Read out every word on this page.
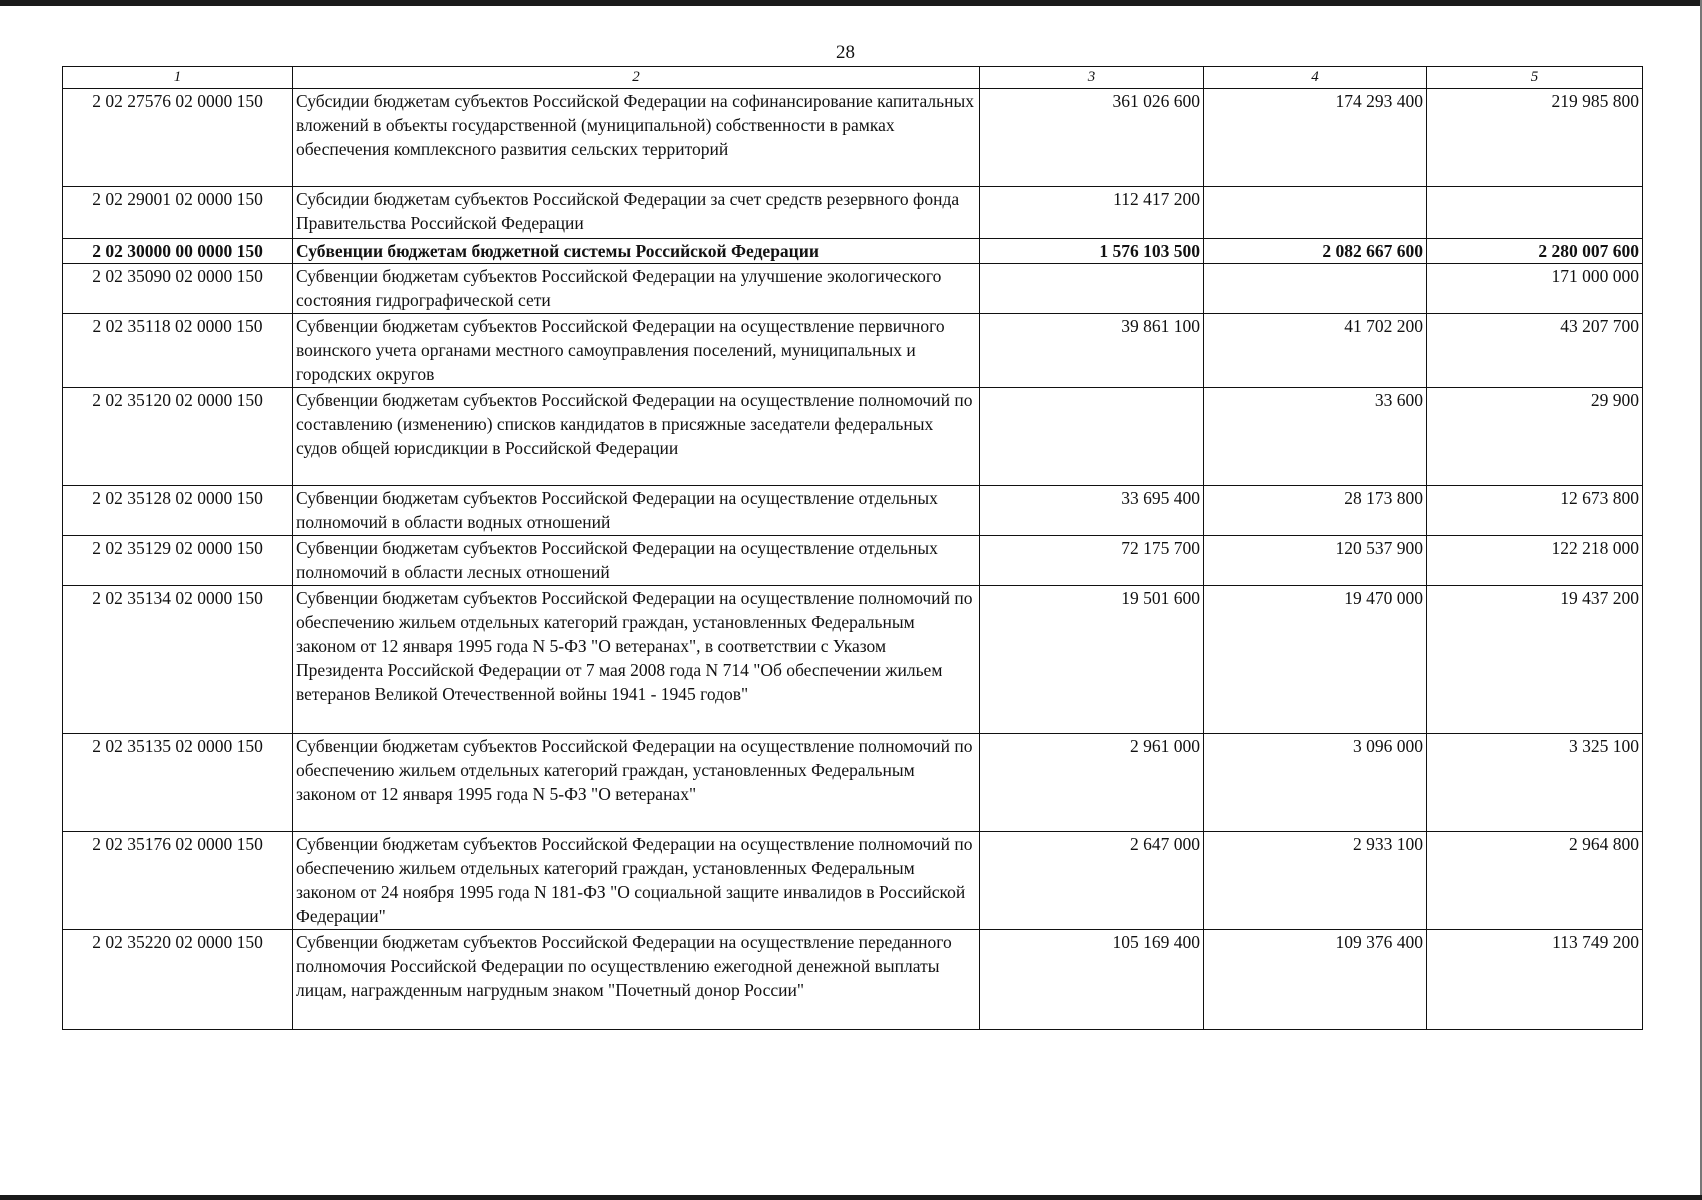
28
1	2	3	4	5
2 02 27576 02 0000 150	Субсидии бюджетам субъектов Российской Федерации на софинансирование капитальных вложений в объекты государственной (муниципальной) собственности в рамках обеспечения комплексного развития сельских территорий	361 026 600	174 293 400	219 985 800
2 02 29001 02 0000 150	Субсидии бюджетам субъектов Российской Федерации за счет средств резервного фонда Правительства Российской Федерации	112 417 200		
2 02 30000 00 0000 150	Субвенции бюджетам бюджетной системы Российской Федерации	1 576 103 500	2 082 667 600	2 280 007 600
2 02 35090 02 0000 150	Субвенции бюджетам субъектов Российской Федерации на улучшение экологического состояния гидрографической сети			171 000 000
2 02 35118 02 0000 150	Субвенции бюджетам субъектов Российской Федерации на осуществление первичного воинского учета органами местного самоуправления поселений, муниципальных и городских округов	39 861 100	41 702 200	43 207 700
2 02 35120 02 0000 150	Субвенции бюджетам субъектов Российской Федерации на осуществление полномочий по составлению (изменению) списков кандидатов в присяжные заседатели федеральных судов общей юрисдикции в Российской Федерации		33 600	29 900
2 02 35128 02 0000 150	Субвенции бюджетам субъектов Российской Федерации на осуществление отдельных полномочий в области водных отношений	33 695 400	28 173 800	12 673 800
2 02 35129 02 0000 150	Субвенции бюджетам субъектов Российской Федерации на осуществление отдельных полномочий в области лесных отношений	72 175 700	120 537 900	122 218 000
2 02 35134 02 0000 150	Субвенции бюджетам субъектов Российской Федерации на осуществление полномочий по обеспечению жильем отдельных категорий граждан, установленных Федеральным законом от 12 января 1995 года N 5-ФЗ "О ветеранах", в соответствии с Указом Президента Российской Федерации от 7 мая 2008 года N 714 "Об обеспечении жильем ветеранов Великой Отечественной войны 1941 - 1945 годов"	19 501 600	19 470 000	19 437 200
2 02 35135 02 0000 150	Субвенции бюджетам субъектов Российской Федерации на осуществление полномочий по обеспечению жильем отдельных категорий граждан, установленных Федеральным законом от 12 января 1995 года N 5-ФЗ "О ветеранах"	2 961 000	3 096 000	3 325 100
2 02 35176 02 0000 150	Субвенции бюджетам субъектов Российской Федерации на осуществление полномочий по обеспечению жильем отдельных категорий граждан, установленных Федеральным законом от 24 ноября 1995 года N 181-ФЗ "О социальной защите инвалидов в Российской Федерации"	2 647 000	2 933 100	2 964 800
2 02 35220 02 0000 150	Субвенции бюджетам субъектов Российской Федерации на осуществление переданного полномочия Российской Федерации по осуществлению ежегодной денежной выплаты лицам, награжденным нагрудным знаком "Почетный донор России"	105 169 400	109 376 400	113 749 200
